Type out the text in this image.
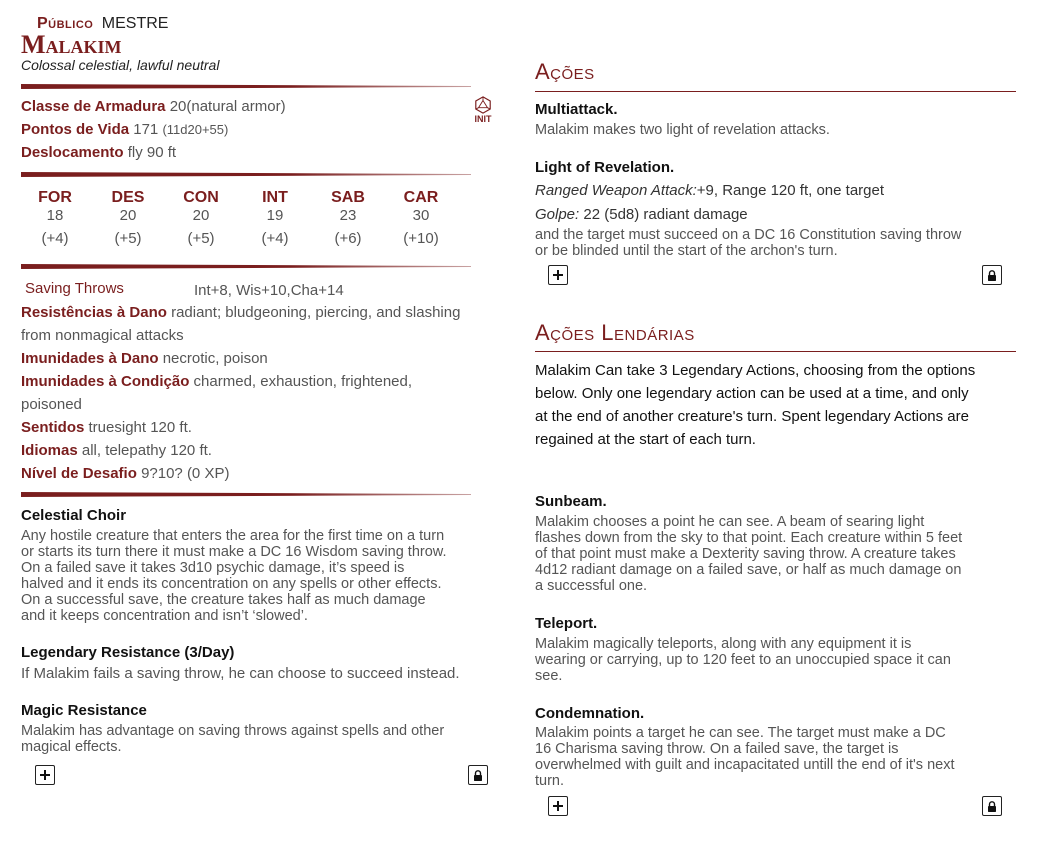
Público MESTRE
Malakim
Colossal celestial, lawful neutral
Classe de Armadura 20(natural armor)
Pontos de Vida 171 (11d20+55)
Deslocamento fly 90 ft
INIT
FOR
18
(+4)
DES
20
(+5)
CON
20
(+5)
INT
19
(+4)
SAB
23
(+6)
CAR
30
(+10)
Saving Throws	Int+8, Wis+10,Cha+14
Resistências à Dano radiant; bludgeoning, piercing, and slashing
from nonmagical attacks
Imunidades à Dano necrotic, poison
Imunidades à Condição charmed, exhaustion, frightened,
poisoned
Sentidos truesight 120 ft.
Idiomas all, telepathy 120 ft.
Nível de Desafio 9?10? (0 XP)
Celestial Choir
Any hostile creature that enters the area for the first time on a turn
or starts its turn there it must make a DC 16 Wisdom saving throw.
On a failed save it takes 3d10 psychic damage, it’s speed is
halved and it ends its concentration on any spells or other effects.
On a successful save, the creature takes half as much damage
and it keeps concentration and isn’t ‘slowed’.
Legendary Resistance (3/Day)
If Malakim fails a saving throw, he can choose to succeed instead.
Magic Resistance
Malakim has advantage on saving throws against spells and other
magical effects.
Ações
Multiattack.
Malakim makes two light of revelation attacks.
Light of Revelation.
Ranged Weapon Attack:+9, Range 120 ft, one target
Golpe: 22 (5d8) radiant damage
and the target must succeed on a DC 16 Constitution saving throw
or be blinded until the start of the archon's turn.
Ações Lendárias
Malakim Can take 3 Legendary Actions, choosing from the options
below. Only one legendary action can be used at a time, and only
at the end of another creature's turn. Spent legendary Actions are
regained at the start of each turn.
Sunbeam.
Malakim chooses a point he can see. A beam of searing light
flashes down from the sky to that point. Each creature within 5 feet
of that point must make a Dexterity saving throw. A creature takes
4d12 radiant damage on a failed save, or half as much damage on
a successful one.
Teleport.
Malakim magically teleports, along with any equipment it is
wearing or carrying, up to 120 feet to an unoccupied space it can
see.
Condemnation.
Malakim points a target he can see. The target must make a DC
16 Charisma saving throw. On a failed save, the target is
overwhelmed with guilt and incapacitated untill the end of it's next
turn.
